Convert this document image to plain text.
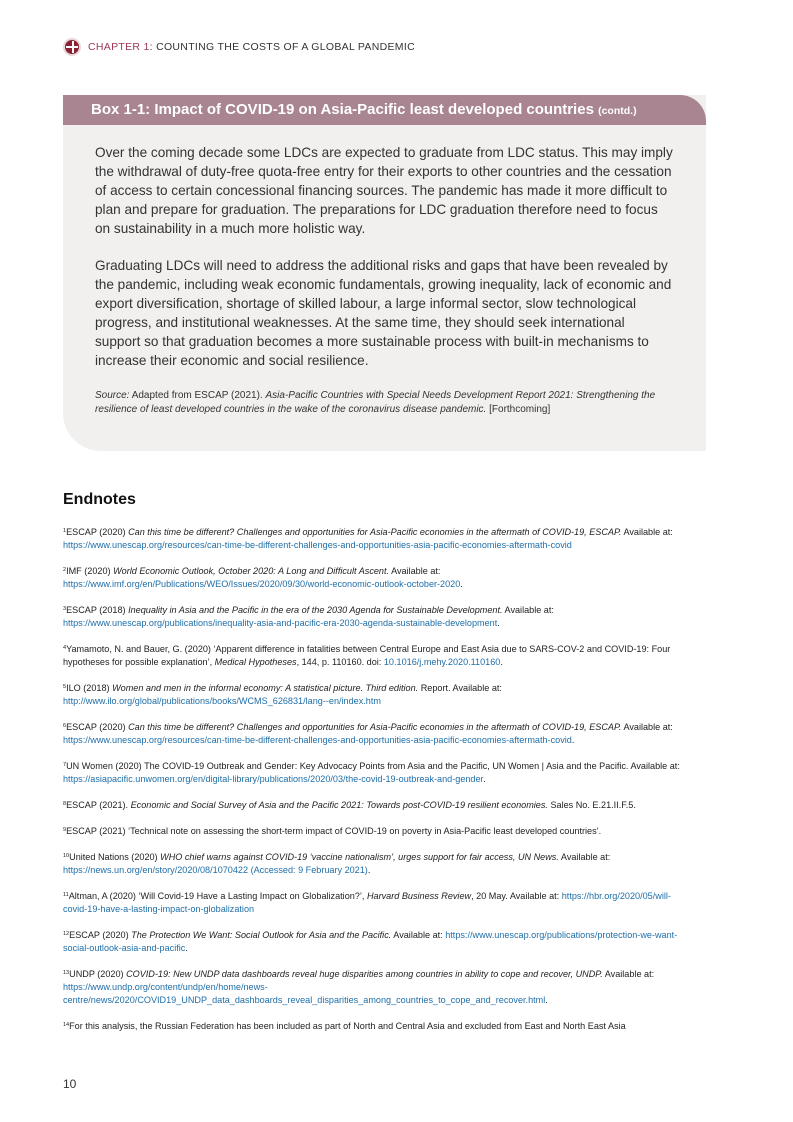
CHAPTER 1: COUNTING THE COSTS OF A GLOBAL PANDEMIC
Box 1-1: Impact of COVID-19 on Asia-Pacific least developed countries (contd.)

Over the coming decade some LDCs are expected to graduate from LDC status. This may imply the withdrawal of duty-free quota-free entry for their exports to other countries and the cessation of access to certain concessional financing sources. The pandemic has made it more difficult to plan and prepare for graduation. The preparations for LDC graduation therefore need to focus on sustainability in a much more holistic way.

Graduating LDCs will need to address the additional risks and gaps that have been revealed by the pandemic, including weak economic fundamentals, growing inequality, lack of economic and export diversification, shortage of skilled labour, a large informal sector, slow technological progress, and institutional weaknesses. At the same time, they should seek international support so that graduation becomes a more sustainable process with built-in mechanisms to increase their economic and social resilience.

Source: Adapted from ESCAP (2021). Asia-Pacific Countries with Special Needs Development Report 2021: Strengthening the resilience of least developed countries in the wake of the coronavirus disease pandemic. [Forthcoming]
Endnotes
$^1$ESCAP (2020) Can this time be different? Challenges and opportunities for Asia-Pacific economies in the aftermath of COVID-19, ESCAP. Available at: https://www.unescap.org/resources/can-time-be-different-challenges-and-opportunities-asia-pacific-economies-aftermath-covid
$^2$IMF (2020) World Economic Outlook, October 2020: A Long and Difficult Ascent. Available at: https://www.imf.org/en/Publications/WEO/Issues/2020/09/30/world-economic-outlook-october-2020.
$^3$ESCAP (2018) Inequality in Asia and the Pacific in the era of the 2030 Agenda for Sustainable Development. Available at: https://www.unescap.org/publications/inequality-asia-and-pacific-era-2030-agenda-sustainable-development.
$^4$Yamamoto, N. and Bauer, G. (2020) ‘Apparent difference in fatalities between Central Europe and East Asia due to SARS-COV-2 and COVID-19: Four hypotheses for possible explanation’, Medical Hypotheses, 144, p. 110160. doi: 10.1016/j.mehy.2020.110160.
$^5$ILO (2018) Women and men in the informal economy: A statistical picture. Third edition. Report. Available at: http://www.ilo.org/global/publications/books/WCMS_626831/lang--en/index.htm
$^6$ESCAP (2020) Can this time be different? Challenges and opportunities for Asia-Pacific economies in the aftermath of COVID-19, ESCAP. Available at: https://www.unescap.org/resources/can-time-be-different-challenges-and-opportunities-asia-pacific-economies-aftermath-covid.
$^7$UN Women (2020) The COVID-19 Outbreak and Gender: Key Advocacy Points from Asia and the Pacific, UN Women | Asia and the Pacific. Available at: https://asiapacific.unwomen.org/en/digital-library/publications/2020/03/the-covid-19-outbreak-and-gender.
$^8$ESCAP (2021). Economic and Social Survey of Asia and the Pacific 2021: Towards post-COVID-19 resilient economies. Sales No. E.21.II.F.5.
$^9$ESCAP (2021) ‘Technical note on assessing the short-term impact of COVID-19 on poverty in Asia-Pacific least developed countries’.
$^{10}$United Nations (2020) WHO chief warns against COVID-19 ‘vaccine nationalism’, urges support for fair access, UN News. Available at: https://news.un.org/en/story/2020/08/1070422 (Accessed: 9 February 2021).
$^{11}$Altman, A (2020) ‘Will Covid-19 Have a Lasting Impact on Globalization?’, Harvard Business Review, 20 May. Available at: https://hbr.org/2020/05/will-covid-19-have-a-lasting-impact-on-globalization
$^{12}$ESCAP (2020) The Protection We Want: Social Outlook for Asia and the Pacific. Available at: https://www.unescap.org/publications/protection-we-want-social-outlook-asia-and-pacific.
$^{13}$UNDP (2020) COVID-19: New UNDP data dashboards reveal huge disparities among countries in ability to cope and recover, UNDP. Available at: https://www.undp.org/content/undp/en/home/news-centre/news/2020/COVID19_UNDP_data_dashboards_reveal_disparities_among_countries_to_cope_and_recover.html.
$^{14}$For this analysis, the Russian Federation has been included as part of North and Central Asia and excluded from East and North East Asia
10
